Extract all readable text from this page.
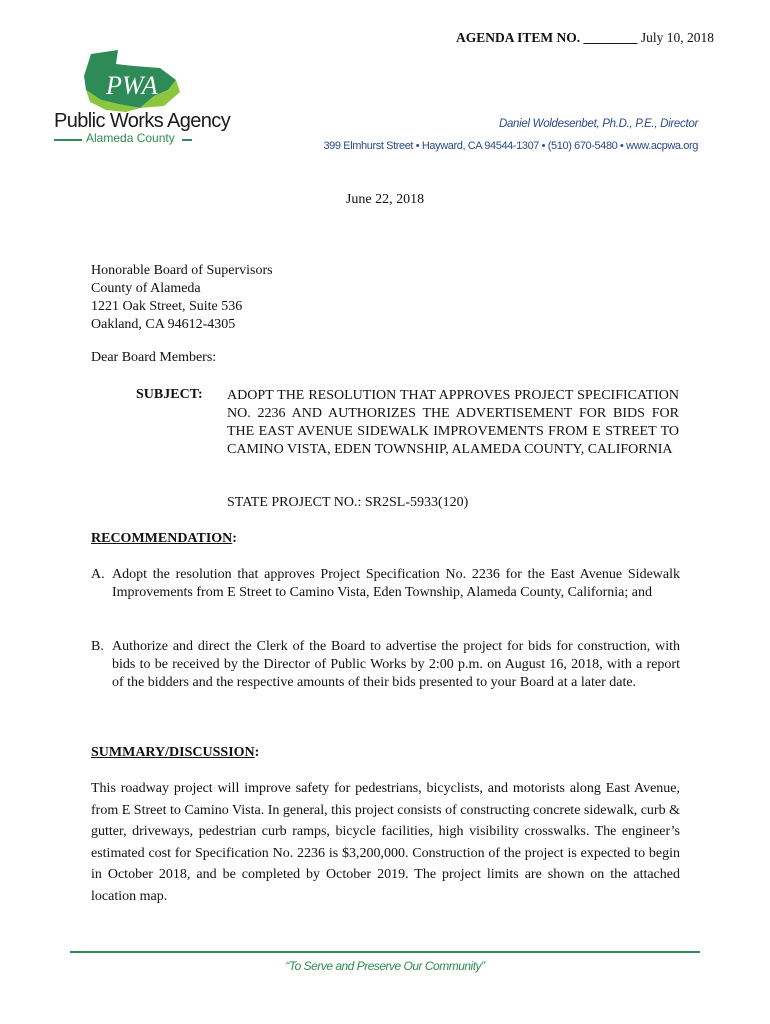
AGENDA ITEM NO. ________ July 10, 2018
PWA
Public Works Agency
Alameda County
Daniel Woldesenbet, Ph.D., P.E., Director
399 Elmhurst Street • Hayward, CA 94544-1307 • (510) 670-5480 • www.acpwa.org
June 22, 2018
Honorable Board of Supervisors
County of Alameda
1221 Oak Street, Suite 536
Oakland, CA 94612-4305
Dear Board Members:
SUBJECT: ADOPT THE RESOLUTION THAT APPROVES PROJECT SPECIFICATION NO. 2236 AND AUTHORIZES THE ADVERTISEMENT FOR BIDS FOR THE EAST AVENUE SIDEWALK IMPROVEMENTS FROM E STREET TO CAMINO VISTA, EDEN TOWNSHIP, ALAMEDA COUNTY, CALIFORNIA
STATE PROJECT NO.: SR2SL-5933(120)
RECOMMENDATION:
A. Adopt the resolution that approves Project Specification No. 2236 for the East Avenue Sidewalk Improvements from E Street to Camino Vista, Eden Township, Alameda County, California; and
B. Authorize and direct the Clerk of the Board to advertise the project for bids for construction, with bids to be received by the Director of Public Works by 2:00 p.m. on August 16, 2018, with a report of the bidders and the respective amounts of their bids presented to your Board at a later date.
SUMMARY/DISCUSSION:
This roadway project will improve safety for pedestrians, bicyclists, and motorists along East Avenue, from E Street to Camino Vista. In general, this project consists of constructing concrete sidewalk, curb & gutter, driveways, pedestrian curb ramps, bicycle facilities, high visibility crosswalks. The engineer’s estimated cost for Specification No. 2236 is $3,200,000. Construction of the project is expected to begin in October 2018, and be completed by October 2019. The project limits are shown on the attached location map.
“To Serve and Preserve Our Community”
